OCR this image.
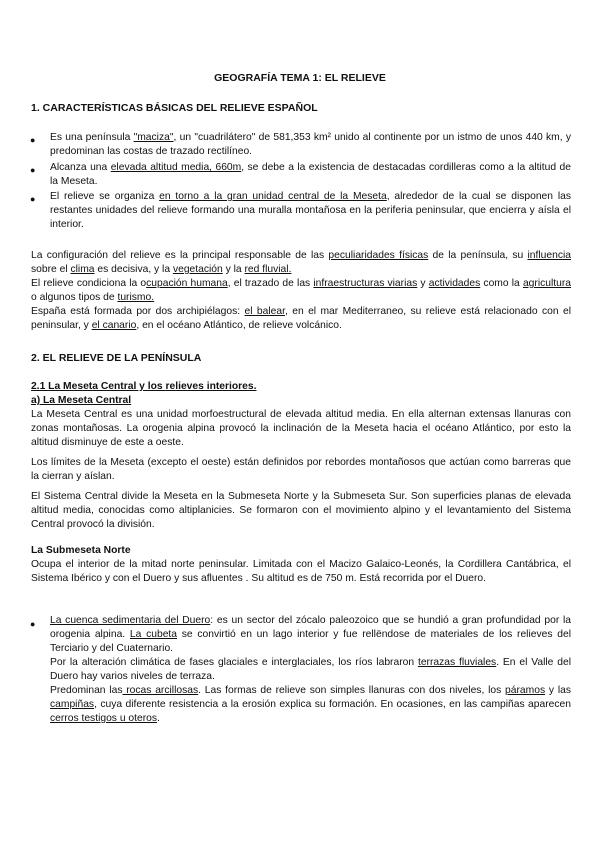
GEOGRAFÍA TEMA 1: EL RELIEVE
1. CARACTERÍSTICAS BÁSICAS DEL RELIEVE ESPAÑOL
● Es una península "maciza", un "cuadrilátero" de 581,353 km² unido al continente por un istmo de unos 440 km, y predominan las costas de trazado rectilíneo.
● Alcanza una elevada altitud media, 660m, se debe a la existencia de destacadas cordilleras como a la altitud de la Meseta.
● El relieve se organiza en torno a la gran unidad central de la Meseta, alrededor de la cual se disponen las restantes unidades del relieve formando una muralla montañosa en la periferia peninsular, que encierra y aísla el interior.

La configuración del relieve es la principal responsable de las peculiaridades físicas de la península, su influencia sobre el clima es decisiva, y la vegetación y la red fluvial.

El relieve condiciona la ocupación humana, el trazado de las infraestructuras viarias y actividades como la agricultura o algunos tipos de turismo.

España está formada por dos archipiélagos: el balear, en el mar Mediterraneo, su relieve está relacionado con el peninsular, y el canario, en el océano Atlántico, de relieve volcánico.

2. EL RELIEVE DE LA PENÍNSULA

2.1 La Meseta Central y los relieves interiores.

a) La Meseta Central

La Meseta Central es una unidad morfoestructural de elevada altitud media. En ella alternan extensas llanuras con zonas montañosas. La orogenia alpina provocó la inclinación de la Meseta hacia el océano Atlántico, por esto la altitud disminuye de este a oeste.

Los límites de la Meseta (excepto el oeste) están definidos por rebordes montañosos que actúan como barreras que la cierran y aíslan.

El Sistema Central divide la Meseta en la Submeseta Norte y la Submeseta Sur. Son superficies planas de elevada altitud media, conocidas como altiplanicies. Se formaron con el movimiento alpino y el levantamiento del Sistema Central provocó la división.

La Submeseta Norte

Ocupa el interior de la mitad norte peninsular. Limitada con el Macizo Galaico-Leonés, la Cordillera Cantábrica, el Sistema Ibérico y con el Duero y sus afluentes . Su altitud es de 750 m. Está recorrida por el Duero.

● La cuenca sedimentaria del Duero: es un sector del zócalo paleozoico que se hundió a gran profundidad por la orogenia alpina. La cubeta se convirtió en un lago interior y fue rellëndose de materiales de los relieves del Terciario y del Cuaternario.

Por la alteración climática de fases glaciales e interglaciales, los ríos labraron terrazas fluviales. En el Valle del Duero hay varios niveles de terraza.

Predominan las rocas arcillosas. Las formas de relieve son simples llanuras con dos niveles, los páramos y las campiñas, cuya diferente resistencia a la erosión explica su formación. En ocasiones, en las campiñas aparecen cerros testigos u oteros.
